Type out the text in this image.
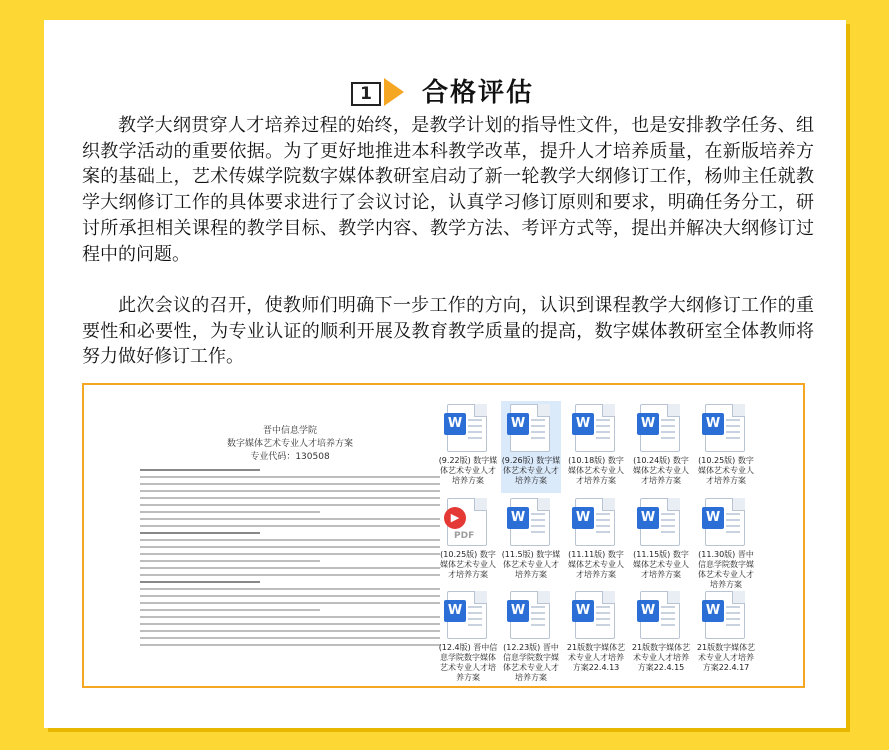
1	合格评估

教学大纲贯穿人才培养过程的始终，是教学计划的指导性文件，也是安排教学任务、组织教学活动的重要依据。为了更好地推进本科教学改革，提升人才培养质量，在新版培养方案的基础上，艺术传媒学院数字媒体教研室启动了新一轮教学大纲修订工作，杨帅主任就教学大纲修订工作的具体要求进行了会议讨论，认真学习修订原则和要求，明确任务分工，研讨所承担相关课程的教学目标、教学内容、教学方法、考评方式等，提出并解决大纲修订过程中的问题。

此次会议的召开，使教师们明确下一步工作的方向，认识到课程教学大纲修订工作的重要性和必要性，为专业认证的顺利开展及教育教学质量的提高，数字媒体教研室全体教师将努力做好修订工作。

晋中信息学院
数字媒体艺术专业人才培养方案
专业代码：130508
W
(9.22版) 数字媒体艺术专业人才培养方案
W
(9.26版) 数字媒体艺术专业人才培养方案
W
(10.18版) 数字媒体艺术专业人才培养方案
W
(10.24版) 数字媒体艺术专业人才培养方案
W
(10.25版) 数字媒体艺术专业人才培养方案
▶
PDF
(10.25版) 数字媒体艺术专业人才培养方案
W
(11.5版) 数字媒体艺术专业人才培养方案
W
(11.11版) 数字媒体艺术专业人才培养方案
W
(11.15版) 数字媒体艺术专业人才培养方案
W
(11.30版) 晋中信息学院数字媒体艺术专业人才培养方案
W
(12.4版) 晋中信息学院数字媒体艺术专业人才培养方案
W
(12.23版) 晋中信息学院数字媒体艺术专业人才培养方案
W
21版数字媒体艺术专业人才培养方案22.4.13
W
21版数字媒体艺术专业人才培养方案22.4.15
W
21版数字媒体艺术专业人才培养方案22.4.17
